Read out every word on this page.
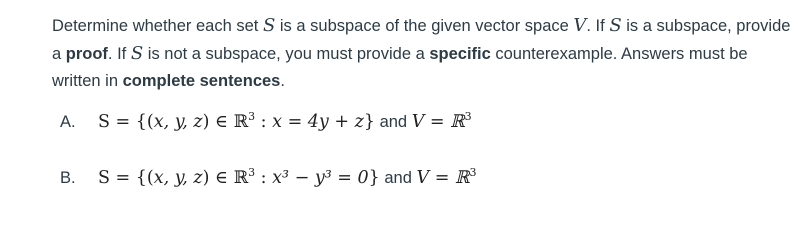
Determine whether each set S is a subspace of the given vector space V. If S is a subspace, provide a proof. If S is not a subspace, you must provide a specific counterexample. Answers must be written in complete sentences.

A. S = {(x, y, z) ∈ ℝ$^3$ : x = 4y + z} and V = ℝ$^3$
B. S = {(x, y, z) ∈ ℝ$^3$ : x³ − y³ = 0} and V = ℝ$^3$
